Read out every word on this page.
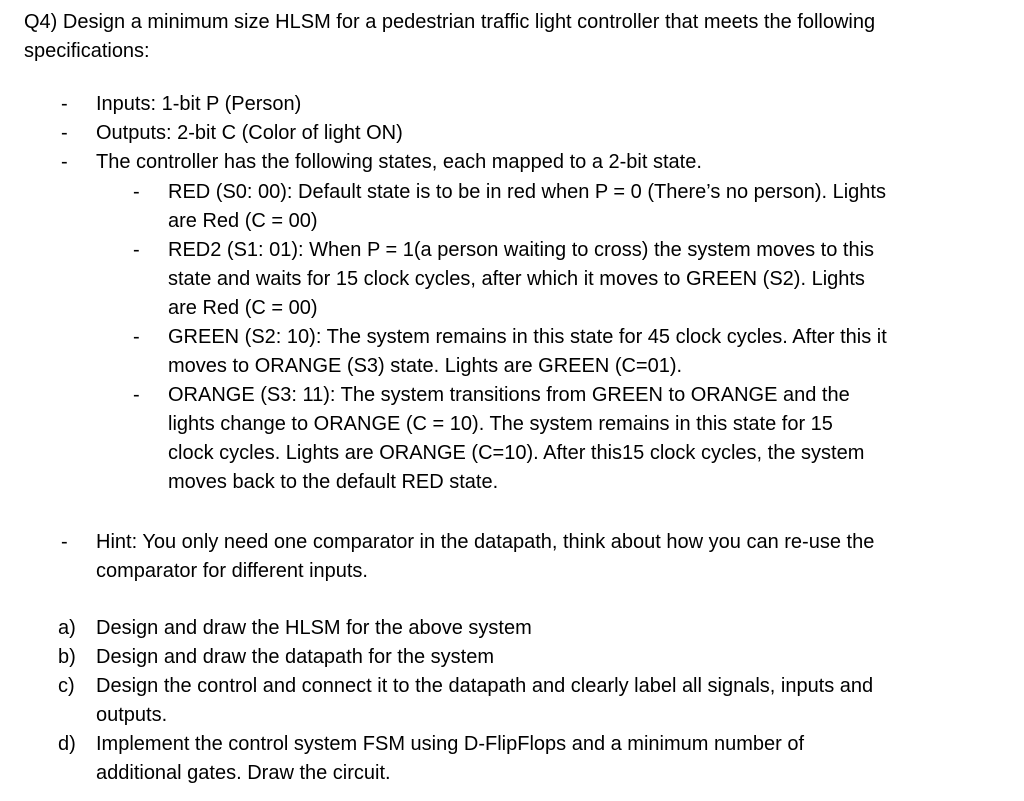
Q4) Design a minimum size HLSM for a pedestrian traffic light controller that meets the following
specifications:
- Inputs: 1-bit P (Person)
- Outputs: 2-bit C (Color of light ON)
- The controller has the following states, each mapped to a 2-bit state.
- RED (S0: 00): Default state is to be in red when P = 0 (There’s no person). Lights
are Red (C = 00)
- RED2 (S1: 01): When P = 1(a person waiting to cross) the system moves to this
state and waits for 15 clock cycles, after which it moves to GREEN (S2). Lights
are Red (C = 00)
- GREEN (S2: 10): The system remains in this state for 45 clock cycles. After this it
moves to ORANGE (S3) state. Lights are GREEN (C=01).
- ORANGE (S3: 11): The system transitions from GREEN to ORANGE and the
lights change to ORANGE (C = 10). The system remains in this state for 15
clock cycles. Lights are ORANGE (C=10). After this15 clock cycles, the system
moves back to the default RED state.
- Hint: You only need one comparator in the datapath, think about how you can re-use the
comparator for different inputs.
a) Design and draw the HLSM for the above system
b) Design and draw the datapath for the system
c) Design the control and connect it to the datapath and clearly label all signals, inputs and
outputs.
d) Implement the control system FSM using D-FlipFlops and a minimum number of
additional gates. Draw the circuit.
